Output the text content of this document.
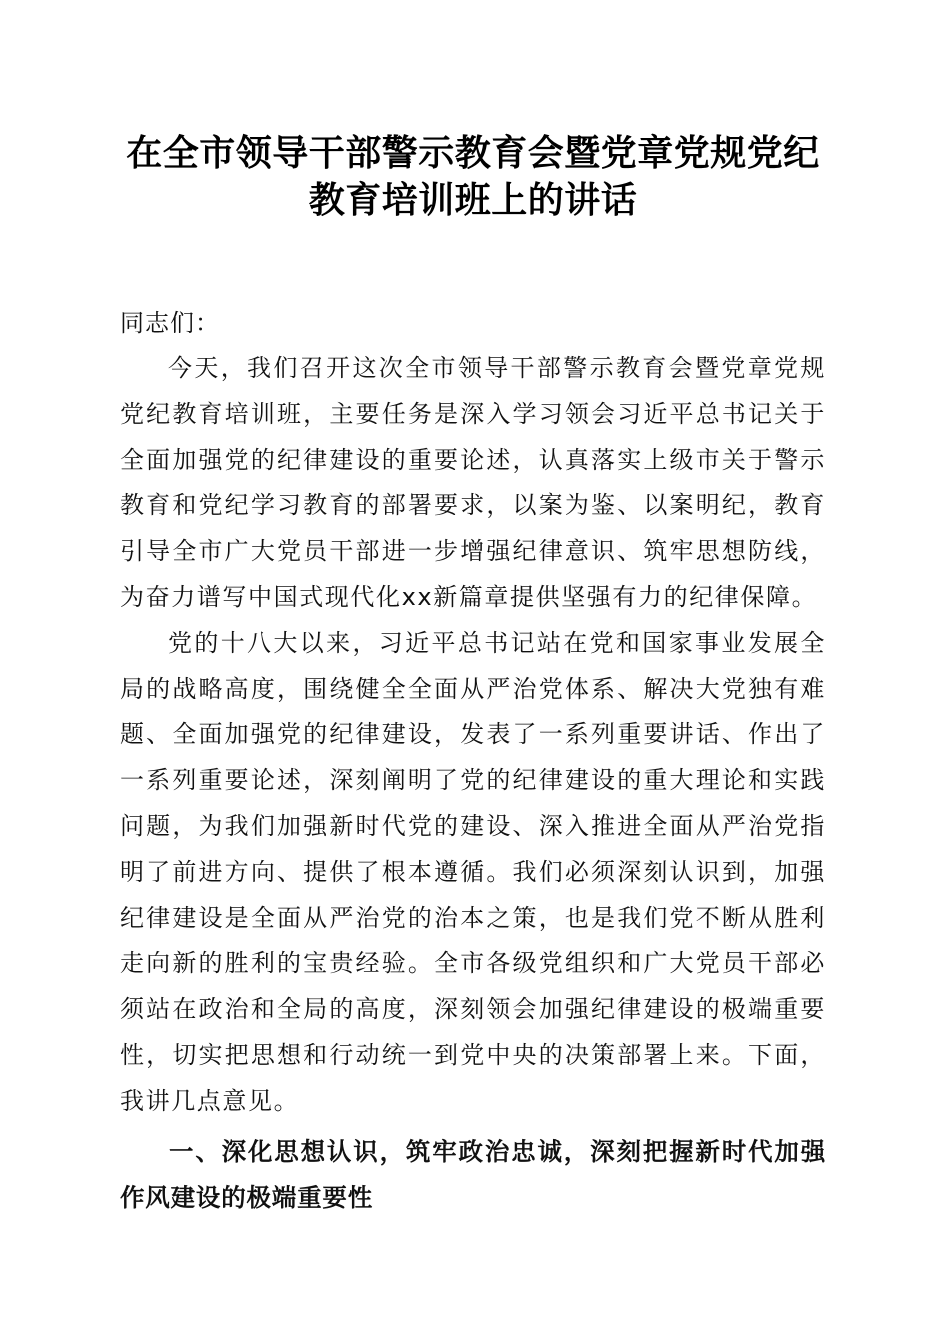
在全市领导干部警示教育会暨党章党规党纪教育培训班上的讲话

同志们：

今天，我们召开这次全市领导干部警示教育会暨党章党规党纪教育培训班，主要任务是深入学习领会习近平总书记关于全面加强党的纪律建设的重要论述，认真落实上级市关于警示教育和党纪学习教育的部署要求，以案为鉴、以案明纪，教育引导全市广大党员干部进一步增强纪律意识、筑牢思想防线，为奋力谱写中国式现代化xx新篇章提供坚强有力的纪律保障。

党的十八大以来，习近平总书记站在党和国家事业发展全局的战略高度，围绕健全全面从严治党体系、解决大党独有难题、全面加强党的纪律建设，发表了一系列重要讲话、作出了一系列重要论述，深刻阐明了党的纪律建设的重大理论和实践问题，为我们加强新时代党的建设、深入推进全面从严治党指明了前进方向、提供了根本遵循。我们必须深刻认识到，加强纪律建设是全面从严治党的治本之策，也是我们党不断从胜利走向新的胜利的宝贵经验。全市各级党组织和广大党员干部必须站在政治和全局的高度，深刻领会加强纪律建设的极端重要性，切实把思想和行动统一到党中央的决策部署上来。下面，我讲几点意见。

一、深化思想认识，筑牢政治忠诚，深刻把握新时代加强作风建设的极端重要性
